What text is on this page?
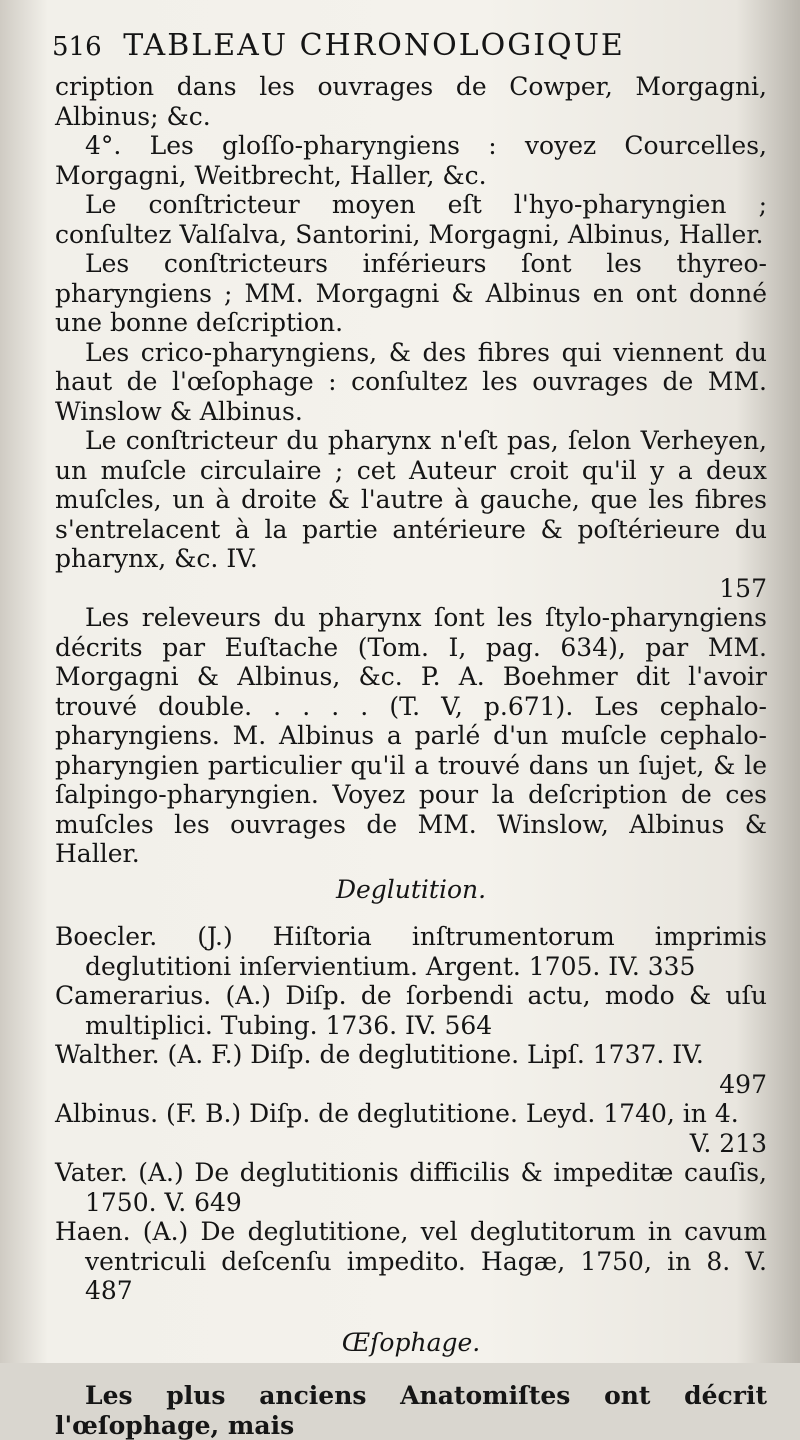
516 TABLEAU CHRONOLOGIQUE

cription dans les ouvrages de Cowper, Morgagni, Albinus; &c.

4°. Les gloſſo-pharyngiens : voyez Courcelles, Morgagni, Weitbrecht, Haller, &c.

Le conſtricteur moyen eſt l'hyo-pharyngien ; conſultez Valſalva, Santorini, Morgagni, Albinus, Haller.

Les conſtricteurs inférieurs ſont les thyreo-pharyngiens ; MM. Morgagni & Albinus en ont donné une bonne deſcription.

Les crico-pharyngiens, & des fibres qui viennent du haut de l'œſophage : conſultez les ouvrages de MM. Winslow & Albinus.

Le conſtricteur du pharynx n'eſt pas, ſelon Verheyen, un muſcle circulaire ; cet Auteur croit qu'il y a deux muſcles, un à droite & l'autre à gauche, que les fibres s'entrelacent à la partie antérieure & poſtérieure du pharynx, &c. IV.

157

Les releveurs du pharynx ſont les ſtylo-pharyngiens décrits par Euſtache (Tom. I, pag. 634), par MM. Morgagni & Albinus, &c. P. A. Boehmer dit l'avoir trouvé double. . . . . (T. V, p.671). Les cephalo-pharyngiens. M. Albinus a parlé d'un muſcle cephalo-pharyngien particulier qu'il a trouvé dans un ſujet, & le ſalpingo-pharyngien. Voyez pour la deſcription de ces muſcles les ouvrages de MM. Winslow, Albinus & Haller.

Deglutition.

Boecler. (J.) Hiſtoria inſtrumentorum imprimis deglutitioni inſervientium. Argent. 1705. IV. 335

Camerarius. (A.) Diſp. de ſorbendi actu, modo & uſu multiplici. Tubing. 1736. IV. 564

Walther. (A. F.) Diſp. de deglutitione. Lipſ. 1737. IV.

497

Albinus. (F. B.) Diſp. de deglutitione. Leyd. 1740, in 4.

V. 213

Vater. (A.) De deglutitionis difficilis & impeditæ cauſis, 1750. V. 649

Haen. (A.) De deglutitione, vel deglutitorum in cavum ventriculi deſcenſu impedito. Hagæ, 1750, in 8. V. 487

Œſophage.

Les plus anciens Anatomiſtes ont décrit l'œſophage, mais
